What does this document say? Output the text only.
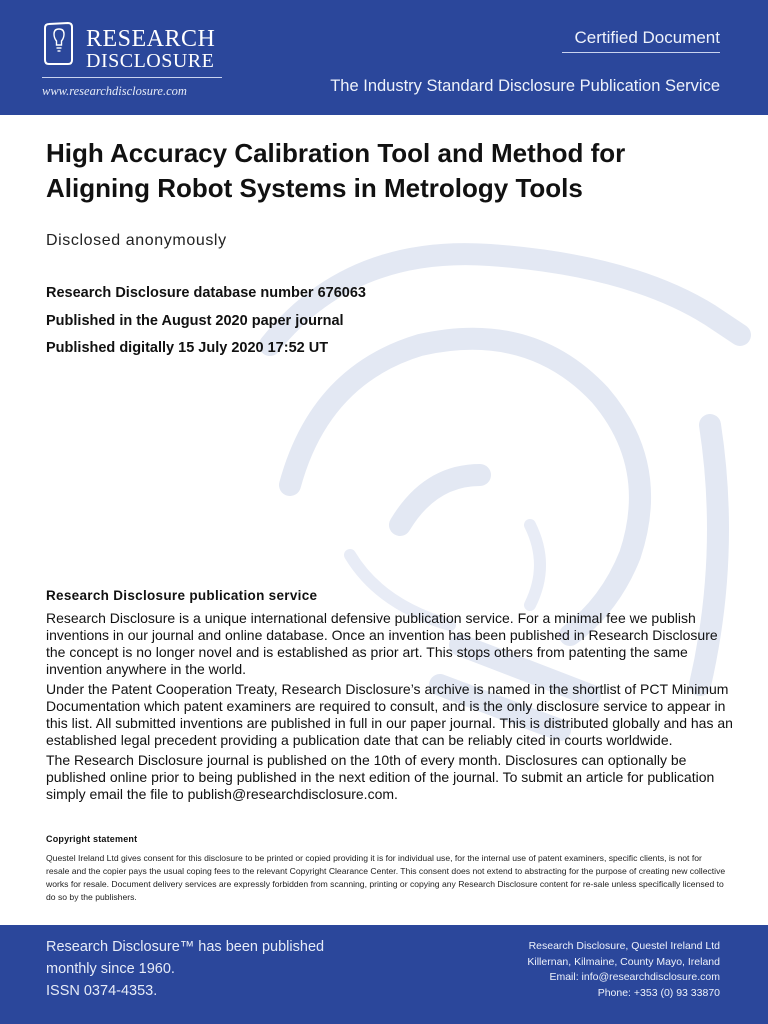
RESEARCH
DISCLOSURE
www.researchdisclosure.com
Certified Document
The Industry Standard Disclosure Publication Service
High Accuracy Calibration Tool and Method for Aligning Robot Systems in Metrology Tools
Disclosed anonymously
Research Disclosure database number 676063
Published in the August 2020 paper journal
Published digitally 15 July 2020 17:52 UT
Research Disclosure publication service

Research Disclosure is a unique international defensive publication service. For a minimal fee we publish inventions in our journal and online database. Once an invention has been published in Research Disclosure the concept is no longer novel and is established as prior art. This stops others from patenting the same invention anywhere in the world.

Under the Patent Cooperation Treaty, Research Disclosure’s archive is named in the shortlist of PCT Minimum Documentation which patent examiners are required to consult, and is the only disclosure service to appear in this list. All submitted inventions are published in full in our paper journal. This is distributed globally and has an established legal precedent providing a publication date that can be reliably cited in courts worldwide.

The Research Disclosure journal is published on the 10th of every month. Disclosures can optionally be published online prior to being published in the next edition of the journal. To submit an article for publication simply email the file to publish@researchdisclosure.com.

Copyright statement
Questel Ireland Ltd gives consent for this disclosure to be printed or copied providing it is for individual use, for the internal use of patent examiners, specific clients, is not for resale and the copier pays the usual coping fees to the relevant Copyright Clearance Center. This consent does not extend to abstracting for the purpose of creating new collective works for resale. Document delivery services are expressly forbidden from scanning, printing or copying any Research Disclosure content for re-sale unless specifically licensed to do so by the publishers.
Research Disclosure™ has been published
monthly since 1960.
ISSN 0374-4353.
Research Disclosure, Questel Ireland Ltd
Killernan, Kilmaine, County Mayo, Ireland
Email: info@researchdisclosure.com
Phone: +353 (0) 93 33870
